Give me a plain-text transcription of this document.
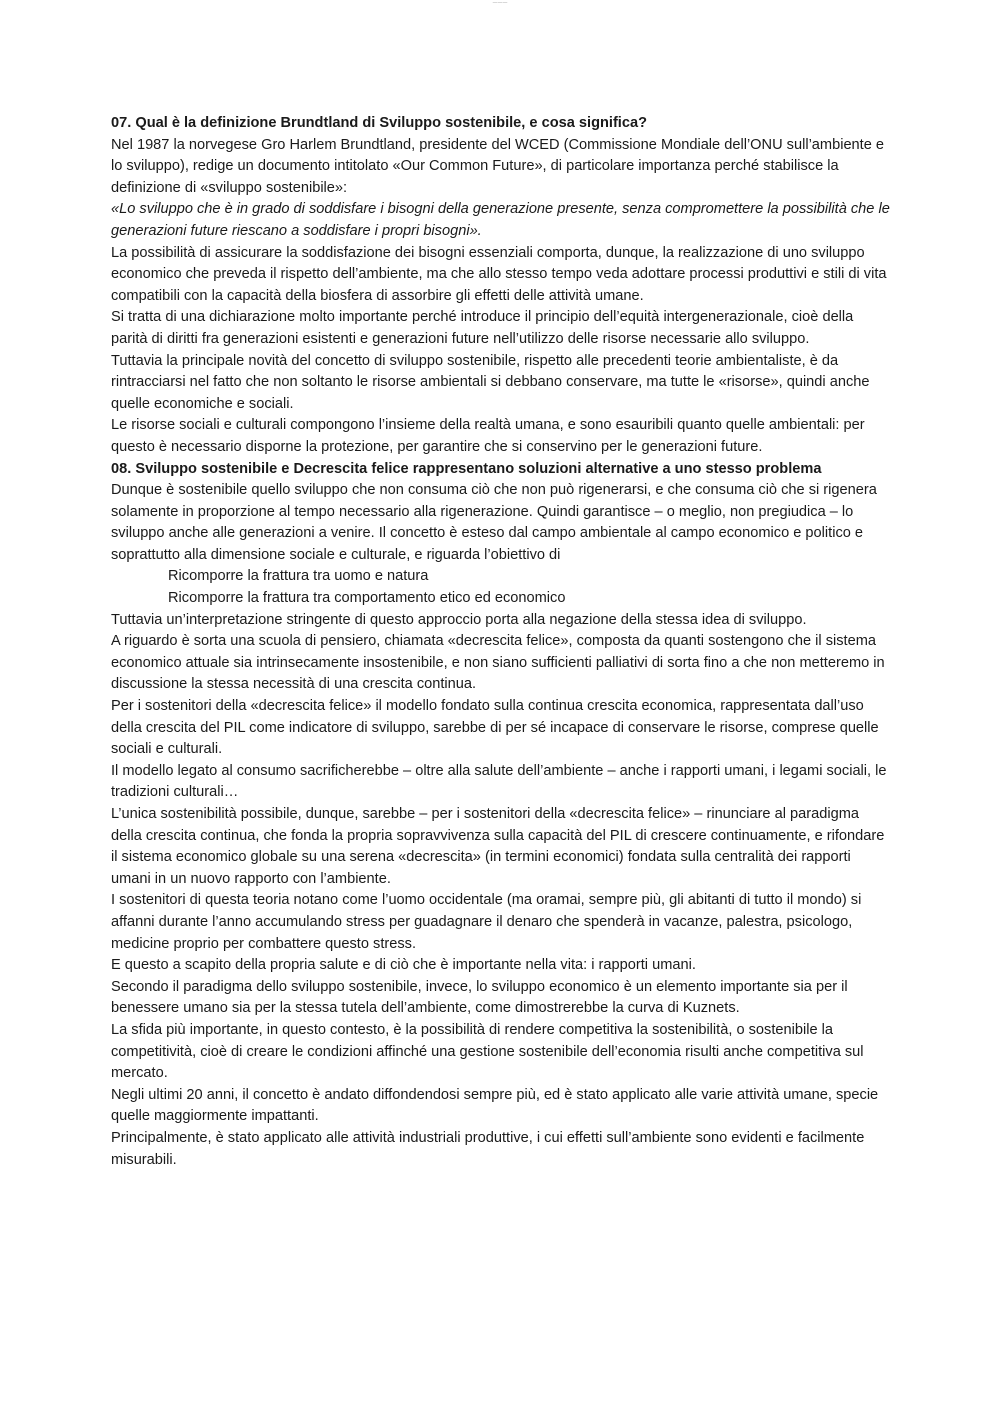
———

07. Qual è la definizione Brundtland di Sviluppo sostenibile, e cosa significa?

Nel 1987 la norvegese Gro Harlem Brundtland, presidente del WCED (Commissione Mondiale dell’ONU sull’ambiente e lo sviluppo), redige un documento intitolato «Our Common Future», di particolare importanza perché stabilisce la definizione di «sviluppo sostenibile»:

«Lo sviluppo che è in grado di soddisfare i bisogni della generazione presente, senza compromettere la possibilità che le generazioni future riescano a soddisfare i propri bisogni».

La possibilità di assicurare la soddisfazione dei bisogni essenziali comporta, dunque, la realizzazione di uno sviluppo economico che preveda il rispetto dell’ambiente, ma che allo stesso tempo veda adottare processi produttivi e stili di vita compatibili con la capacità della biosfera di assorbire gli effetti delle attività umane.

Si tratta di una dichiarazione molto importante perché introduce il principio dell’equità intergenerazionale, cioè della parità di diritti fra generazioni esistenti e generazioni future nell’utilizzo delle risorse necessarie allo sviluppo.

Tuttavia la principale novità del concetto di sviluppo sostenibile, rispetto alle precedenti teorie ambientaliste, è da rintracciarsi nel fatto che non soltanto le risorse ambientali si debbano conservare, ma tutte le «risorse», quindi anche quelle economiche e sociali.

Le risorse sociali e culturali compongono l’insieme della realtà umana, e sono esauribili quanto quelle ambientali: per questo è necessario disporne la protezione, per garantire che si conservino per le generazioni future.

08. Sviluppo sostenibile e Decrescita felice rappresentano soluzioni alternative a uno stesso problema

Dunque è sostenibile quello sviluppo che non consuma ciò che non può rigenerarsi, e che consuma ciò che si rigenera solamente in proporzione al tempo necessario alla rigenerazione. Quindi garantisce – o meglio, non pregiudica – lo sviluppo anche alle generazioni a venire. Il concetto è esteso dal campo ambientale al campo economico e politico e soprattutto alla dimensione sociale e culturale, e riguarda l’obiettivo di

Ricomporre la frattura tra uomo e natura

Ricomporre la frattura tra comportamento etico ed economico

Tuttavia un’interpretazione stringente di questo approccio porta alla negazione della stessa idea di sviluppo.

A riguardo è sorta una scuola di pensiero, chiamata «decrescita felice», composta da quanti sostengono che il sistema economico attuale sia intrinsecamente insostenibile, e non siano sufficienti palliativi di sorta fino a che non metteremo in discussione la stessa necessità di una crescita continua.

Per i sostenitori della «decrescita felice» il modello fondato sulla continua crescita economica, rappresentata dall’uso della crescita del PIL come indicatore di sviluppo, sarebbe di per sé incapace di conservare le risorse, comprese quelle sociali e culturali.

Il modello legato al consumo sacrificherebbe – oltre alla salute dell’ambiente – anche i rapporti umani, i legami sociali, le tradizioni culturali…

L’unica sostenibilità possibile, dunque, sarebbe – per i sostenitori della «decrescita felice» – rinunciare al paradigma della crescita continua, che fonda la propria sopravvivenza sulla capacità del PIL di crescere continuamente, e rifondare il sistema economico globale su una serena «decrescita» (in termini economici) fondata sulla centralità dei rapporti umani in un nuovo rapporto con l’ambiente.

I sostenitori di questa teoria notano come l’uomo occidentale (ma oramai, sempre più, gli abitanti di tutto il mondo) si affanni durante l’anno accumulando stress per guadagnare il denaro che spenderà in vacanze, palestra, psicologo, medicine proprio per combattere questo stress.

E questo a scapito della propria salute e di ciò che è importante nella vita: i rapporti umani.

Secondo il paradigma dello sviluppo sostenibile, invece, lo sviluppo economico è un elemento importante sia per il benessere umano sia per la stessa tutela dell’ambiente, come dimostrerebbe la curva di Kuznets.

La sfida più importante, in questo contesto, è la possibilità di rendere competitiva la sostenibilità, o sostenibile la competitività, cioè di creare le condizioni affinché una gestione sostenibile dell’economia risulti anche competitiva sul mercato.

Negli ultimi 20 anni, il concetto è andato diffondendosi sempre più, ed è stato applicato alle varie attività umane, specie quelle maggiormente impattanti.

Principalmente, è stato applicato alle attività industriali produttive, i cui effetti sull’ambiente sono evidenti e facilmente misurabili.
